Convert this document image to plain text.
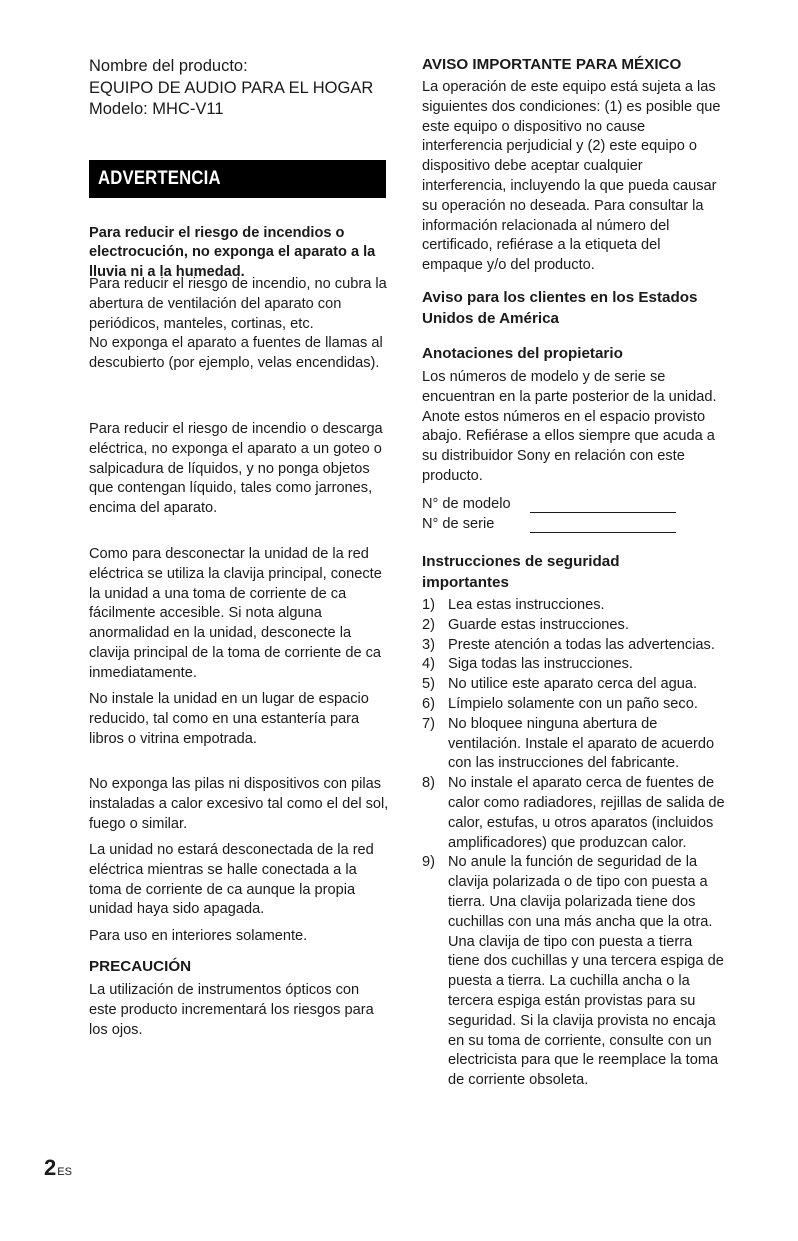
Nombre del producto:
EQUIPO DE AUDIO PARA EL HOGAR
Modelo: MHC-V11
ADVERTENCIA

Para reducir el riesgo de incendios o electrocución, no exponga el aparato a la lluvia ni a la humedad.

Para reducir el riesgo de incendio, no cubra la abertura de ventilación del aparato con periódicos, manteles, cortinas, etc.

No exponga el aparato a fuentes de llamas al descubierto (por ejemplo, velas encendidas).

Para reducir el riesgo de incendio o descarga eléctrica, no exponga el aparato a un goteo o salpicadura de líquidos, y no ponga objetos que contengan líquido, tales como jarrones, encima del aparato.

Como para desconectar la unidad de la red eléctrica se utiliza la clavija principal, conecte la unidad a una toma de corriente de ca fácilmente accesible. Si nota alguna anormalidad en la unidad, desconecte la clavija principal de la toma de corriente de ca inmediatamente.

No instale la unidad en un lugar de espacio reducido, tal como en una estantería para libros o vitrina empotrada.

No exponga las pilas ni dispositivos con pilas instaladas a calor excesivo tal como el del sol, fuego o similar.

La unidad no estará desconectada de la red eléctrica mientras se halle conectada a la toma de corriente de ca aunque la propia unidad haya sido apagada.

Para uso en interiores solamente.

PRECAUCIÓN

La utilización de instrumentos ópticos con este producto incrementará los riesgos para los ojos.

AVISO IMPORTANTE PARA MÉXICO

La operación de este equipo está sujeta a las siguientes dos condiciones: (1) es posible que este equipo o dispositivo no cause interferencia perjudicial y (2) este equipo o dispositivo debe aceptar cualquier interferencia, incluyendo la que pueda causar su operación no deseada. Para consultar la información relacionada al número del certificado, refiérase a la etiqueta del empaque y/o del producto.

Aviso para los clientes en los Estados Unidos de América

Anotaciones del propietario

Los números de modelo y de serie se encuentran en la parte posterior de la unidad. Anote estos números en el espacio provisto abajo. Refiérase a ellos siempre que acuda a su distribuidor Sony en relación con este producto.

N° de modelo
N° de serie

Instrucciones de seguridad importantes

1) Lea estas instrucciones.
2) Guarde estas instrucciones.
3) Preste atención a todas las advertencias.
4) Siga todas las instrucciones.
5) No utilice este aparato cerca del agua.
6) Límpielo solamente con un paño seco.
7) No bloquee ninguna abertura de ventilación. Instale el aparato de acuerdo con las instrucciones del fabricante.
8) No instale el aparato cerca de fuentes de calor como radiadores, rejillas de salida de calor, estufas, u otros aparatos (incluidos amplificadores) que produzcan calor.
9) No anule la función de seguridad de la clavija polarizada o de tipo con puesta a tierra. Una clavija polarizada tiene dos cuchillas con una más ancha que la otra. Una clavija de tipo con puesta a tierra tiene dos cuchillas y una tercera espiga de puesta a tierra. La cuchilla ancha o la tercera espiga están provistas para su seguridad. Si la clavija provista no encaja en su toma de corriente, consulte con un electricista para que le reemplace la toma de corriente obsoleta.
$2^{ES}$
